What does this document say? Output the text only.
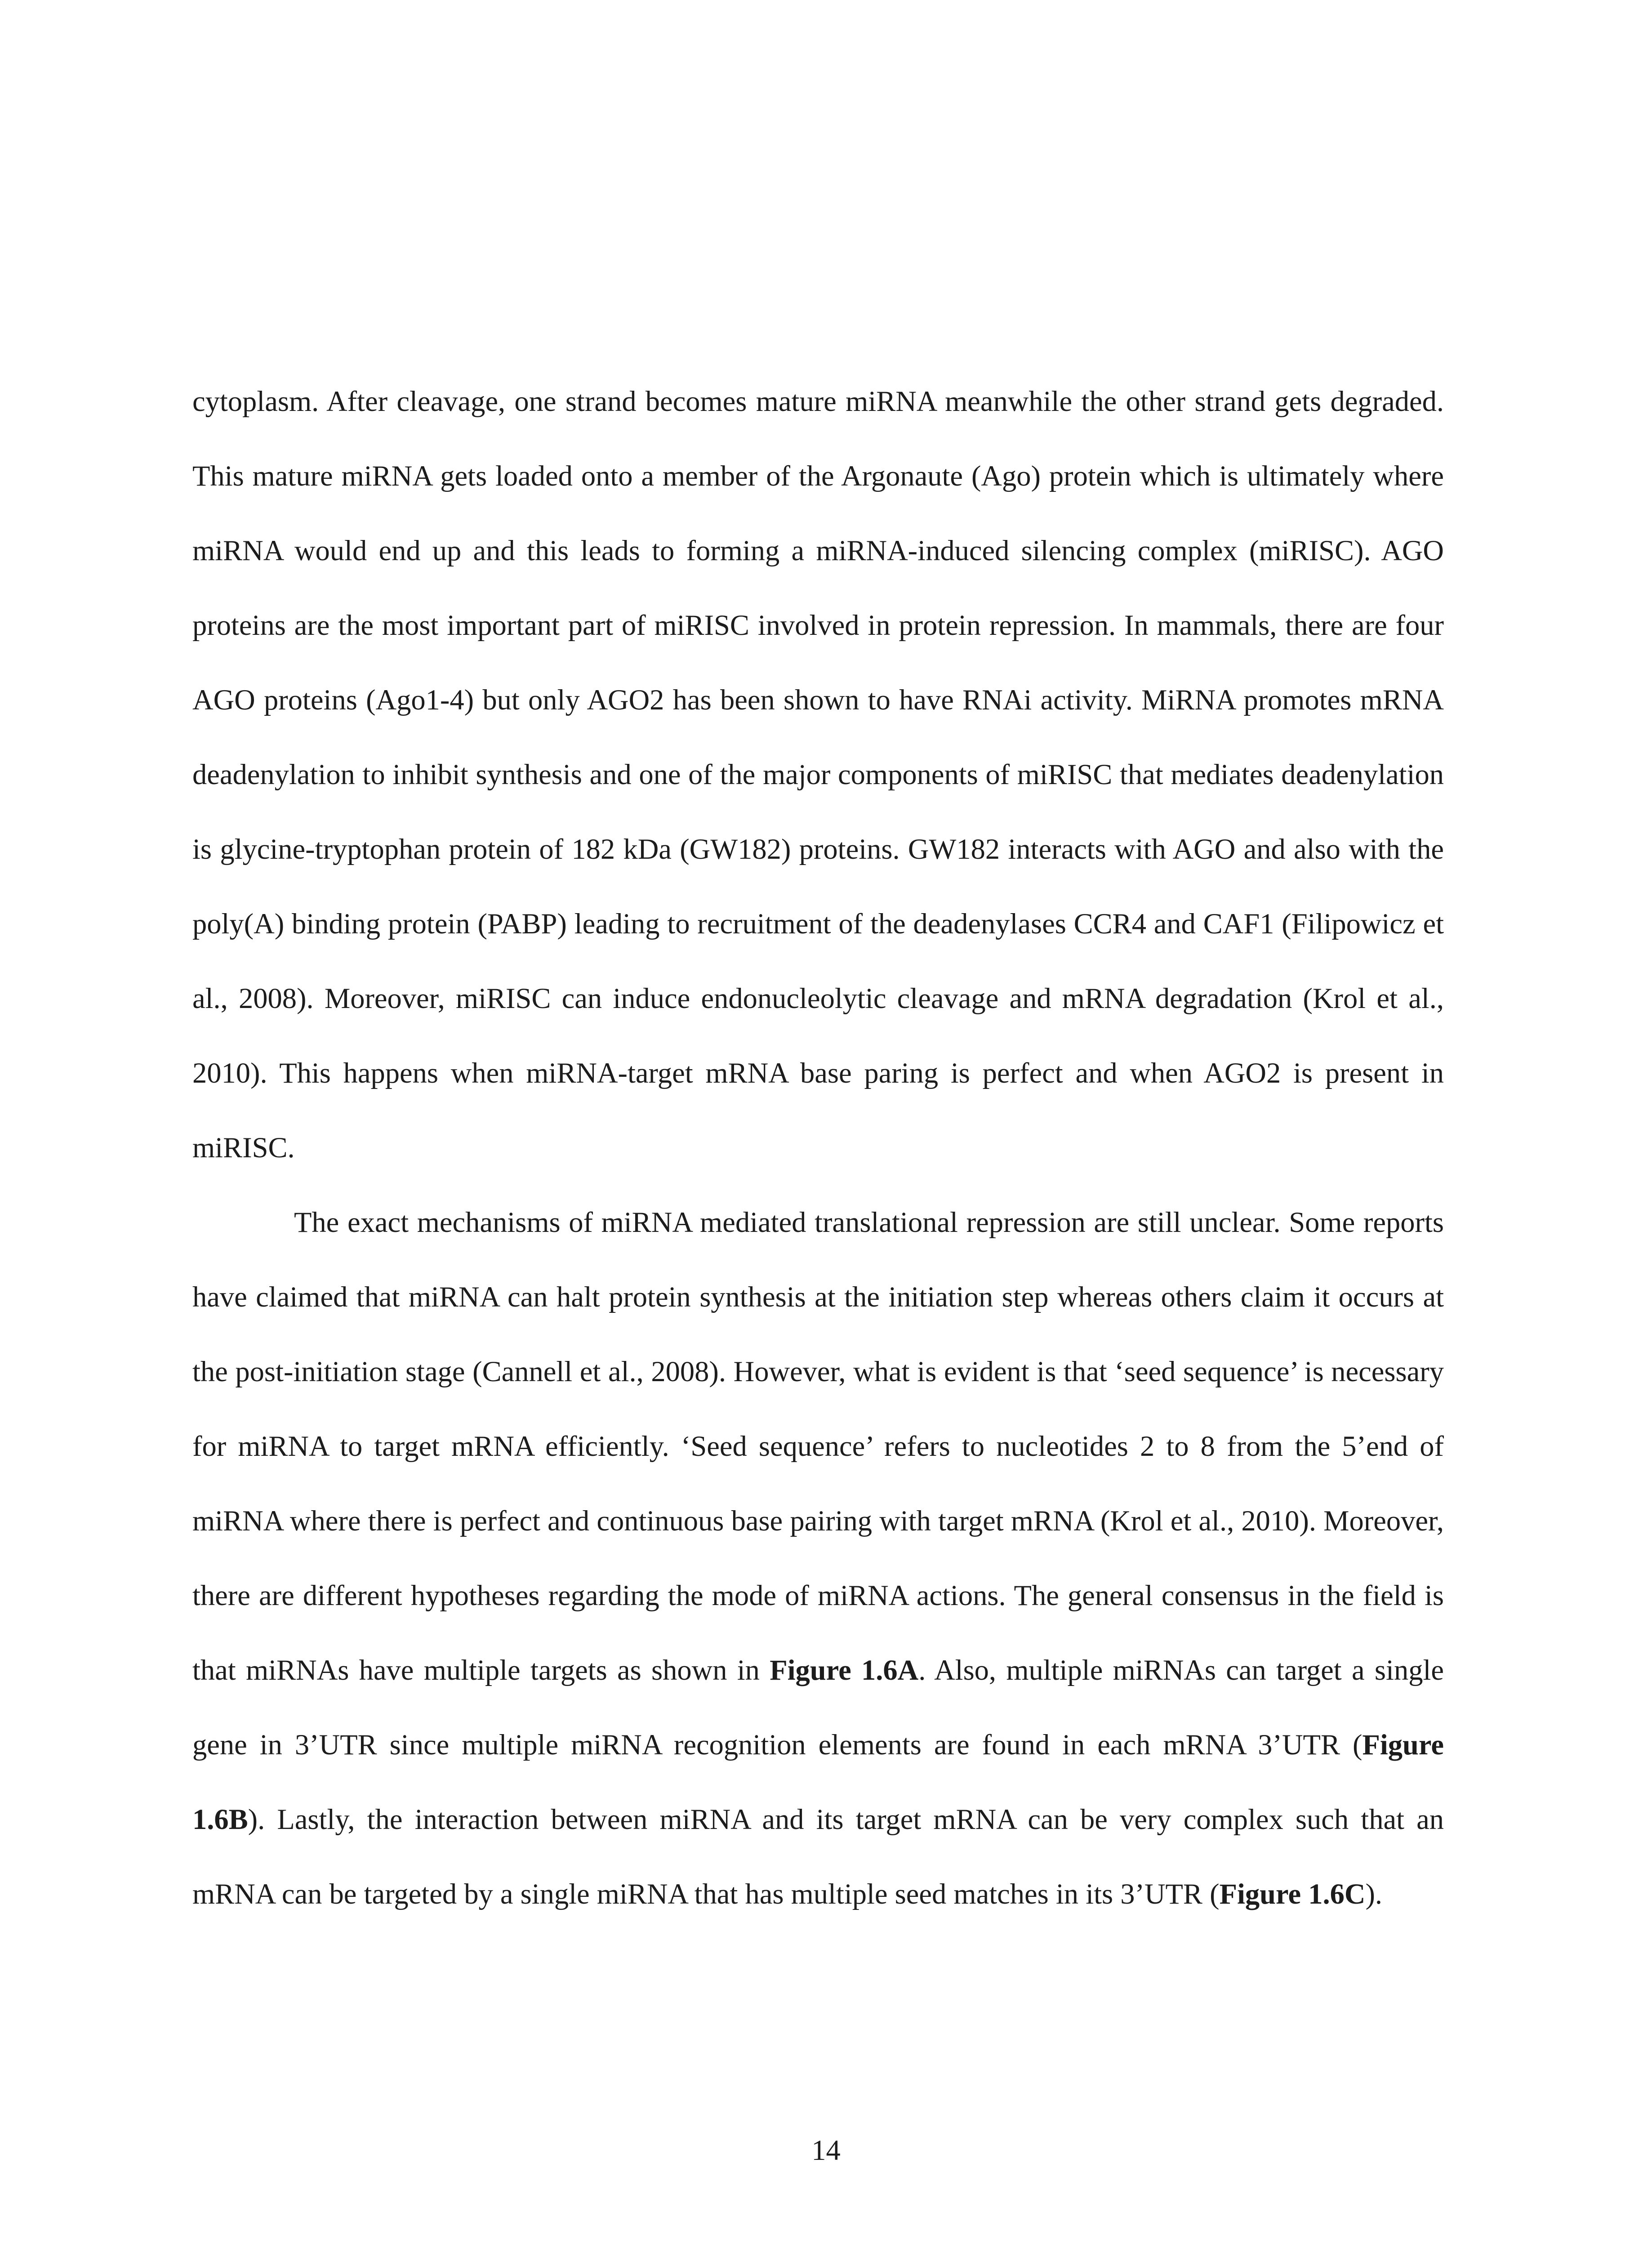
cytoplasm. After cleavage, one strand becomes mature miRNA meanwhile the other strand gets degraded. This mature miRNA gets loaded onto a member of the Argonaute (Ago) protein which is ultimately where miRNA would end up and this leads to forming a miRNA-induced silencing complex (miRISC). AGO proteins are the most important part of miRISC involved in protein repression. In mammals, there are four AGO proteins (Ago1-4) but only AGO2 has been shown to have RNAi activity. MiRNA promotes mRNA deadenylation to inhibit synthesis and one of the major components of miRISC that mediates deadenylation is glycine-tryptophan protein of 182 kDa (GW182) proteins. GW182 interacts with AGO and also with the poly(A) binding protein (PABP) leading to recruitment of the deadenylases CCR4 and CAF1 (Filipowicz et al., 2008). Moreover, miRISC can induce endonucleolytic cleavage and mRNA degradation (Krol et al., 2010). This happens when miRNA-target mRNA base paring is perfect and when AGO2 is present in miRISC.

The exact mechanisms of miRNA mediated translational repression are still unclear. Some reports have claimed that miRNA can halt protein synthesis at the initiation step whereas others claim it occurs at the post-initiation stage (Cannell et al., 2008). However, what is evident is that ‘seed sequence’ is necessary for miRNA to target mRNA efficiently. ‘Seed sequence’ refers to nucleotides 2 to 8 from the 5’end of miRNA where there is perfect and continuous base pairing with target mRNA (Krol et al., 2010). Moreover, there are different hypotheses regarding the mode of miRNA actions. The general consensus in the field is that miRNAs have multiple targets as shown in Figure 1.6A. Also, multiple miRNAs can target a single gene in 3’UTR since multiple miRNA recognition elements are found in each mRNA 3’UTR (Figure 1.6B). Lastly, the interaction between miRNA and its target mRNA can be very complex such that an mRNA can be targeted by a single miRNA that has multiple seed matches in its 3’UTR (Figure 1.6C).

14
